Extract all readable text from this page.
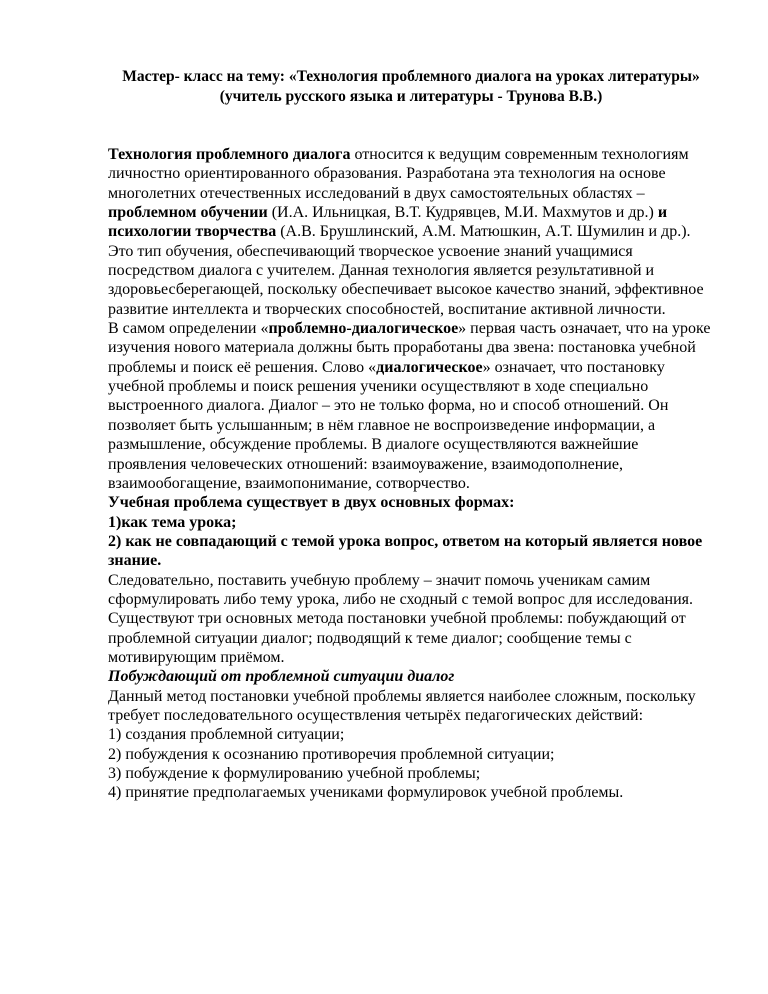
Мастер- класс на тему: «Технология проблемного диалога на уроках литературы»
(учитель русского языка и литературы - Трунова В.В.)

Технология проблемного диалога относится к ведущим современным технологиям личностно ориентированного образования. Разработана эта технология на основе многолетних отечественных исследований в двух самостоятельных областях – проблемном обучении (И.А. Ильницкая, В.Т. Кудрявцев, М.И. Махмутов и др.) и психологии творчества (А.В. Брушлинский, А.М. Матюшкин, А.Т. Шумилин и др.).

Это тип обучения, обеспечивающий творческое усвоение знаний учащимися посредством диалога с учителем. Данная технология является результативной и здоровьесберегающей, поскольку обеспечивает высокое качество знаний, эффективное развитие интеллекта и творческих способностей, воспитание активной личности.

В самом определении «проблемно-диалогическое» первая часть означает, что на уроке изучения нового материала должны быть проработаны два звена: постановка учебной проблемы и поиск её решения. Слово «диалогическое» означает, что постановку учебной проблемы и поиск решения ученики осуществляют в ходе специально выстроенного диалога. Диалог – это не только форма, но и способ отношений. Он позволяет быть услышанным; в нём главное не воспроизведение информации, а размышление, обсуждение проблемы. В диалоге осуществляются важнейшие проявления человеческих отношений: взаимоуважение, взаимодополнение, взаимообогащение, взаимопонимание, сотворчество.

Учебная проблема существует в двух основных формах:

1)как тема урока;

2) как не совпадающий с темой урока вопрос, ответом на который является новое знание.

Следовательно, поставить учебную проблему – значит помочь ученикам самим сформулировать либо тему урока, либо не сходный с темой вопрос для исследования.

Существуют три основных метода постановки учебной проблемы: побуждающий от проблемной ситуации диалог; подводящий к теме диалог; сообщение темы с мотивирующим приёмом.

Побуждающий от проблемной ситуации диалог

Данный метод постановки учебной проблемы является наиболее сложным, поскольку требует последовательного осуществления четырёх педагогических действий:

1) создания проблемной ситуации;

2) побуждения к осознанию противоречия проблемной ситуации;

3) побуждение к формулированию учебной проблемы;

4) принятие предполагаемых учениками формулировок учебной проблемы.
